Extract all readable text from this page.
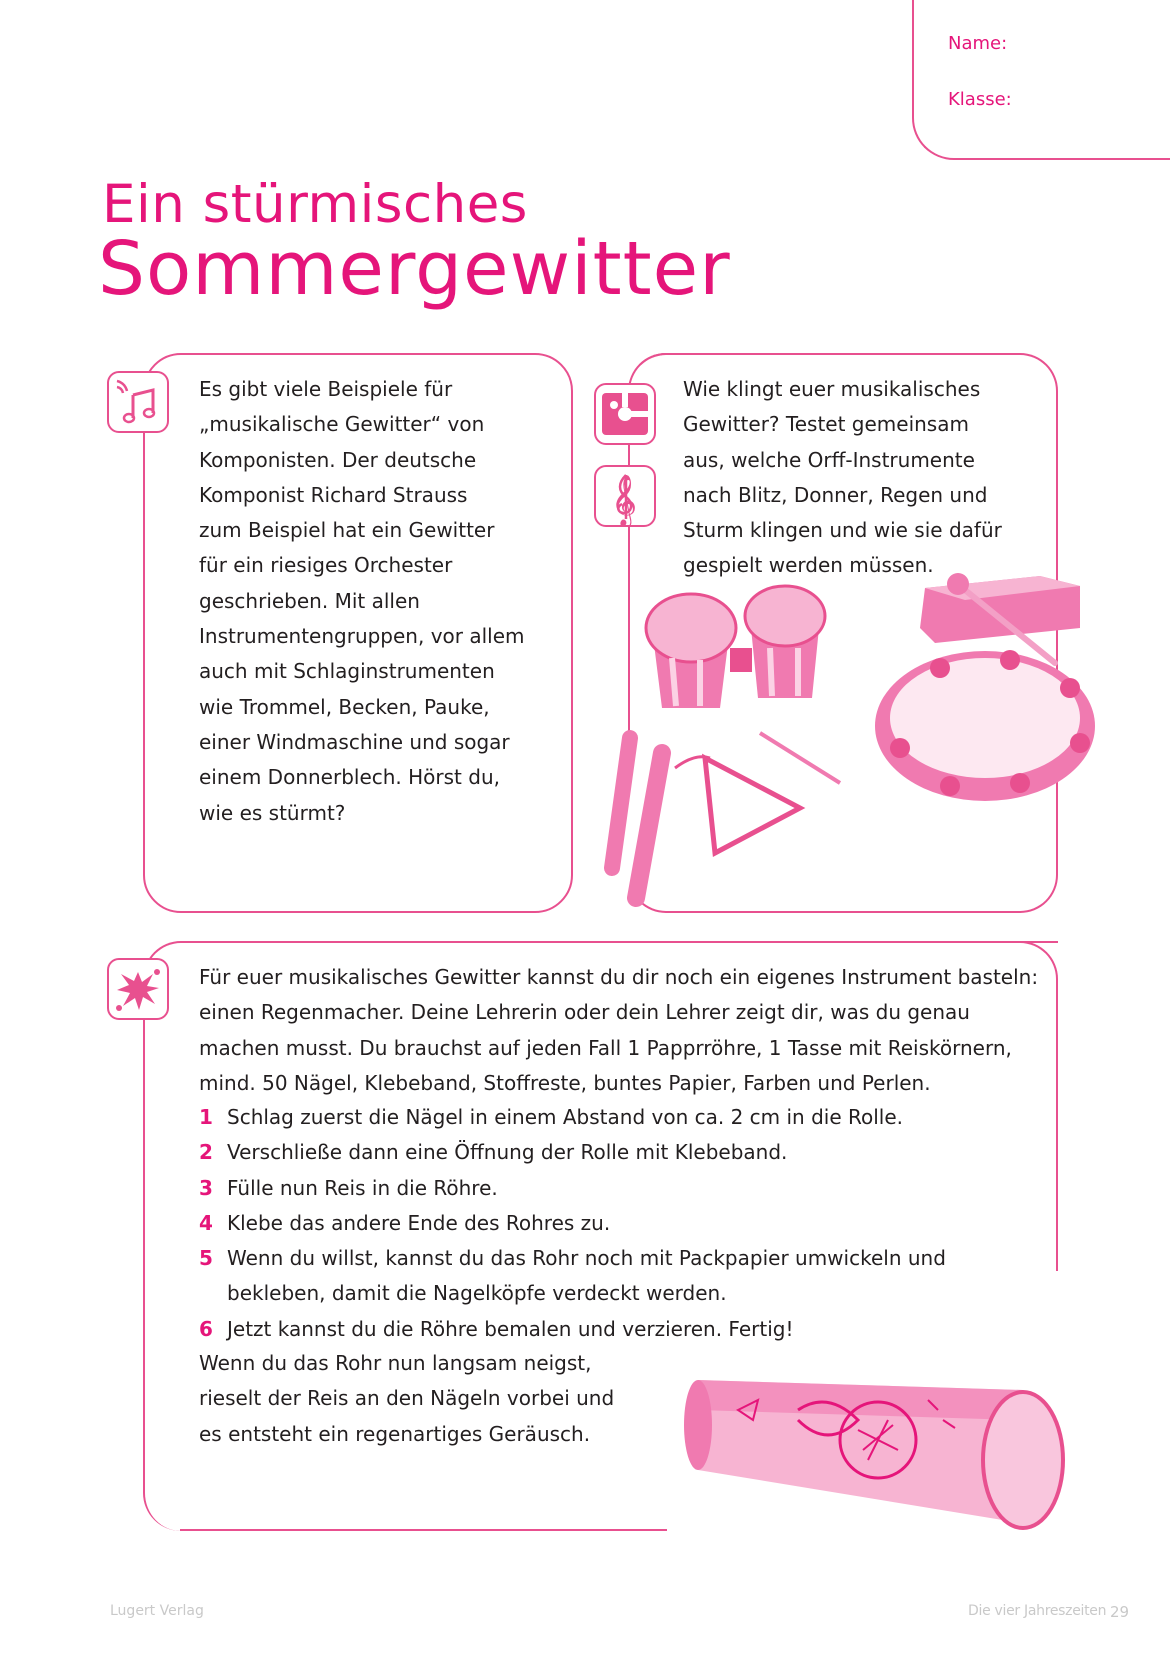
Name:
Klasse:
Ein stürmisches
Sommergewitter
Es gibt viele Beispiele für
„musikalische Gewitter“ von
Komponisten. Der deutsche
Komponist Richard Strauss
zum Beispiel hat ein Gewitter
für ein riesiges Orchester
geschrieben. Mit allen
Instrumentengruppen, vor allem
auch mit Schlaginstrumenten
wie Trommel, Becken, Pauke,
einer Windmaschine und sogar
einem Donnerblech. Hörst du,
wie es stürmt?
𝄞
Wie klingt euer musikalisches
Gewitter? Testet gemeinsam
aus, welche Orff-Instrumente
nach Blitz, Donner, Regen und
Sturm klingen und wie sie dafür
gespielt werden müssen.
Für euer musikalisches Gewitter kannst du dir noch ein eigenes Instrument basteln:
einen Regenmacher. Deine Lehrerin oder dein Lehrer zeigt dir, was du genau
machen musst. Du brauchst auf jeden Fall 1 Papprröhre, 1 Tasse mit Reiskörnern,
mind. 50 Nägel, Klebeband, Stoffreste, buntes Papier, Farben und Perlen.
1 Schlag zuerst die Nägel in einem Abstand von ca. 2 cm in die Rolle.
2 Verschließe dann eine Öffnung der Rolle mit Klebeband.
3 Fülle nun Reis in die Röhre.
4 Klebe das andere Ende des Rohres zu.
5 Wenn du willst, kannst du das Rohr noch mit Packpapier umwickeln und bekleben, damit die Nagelköpfe verdeckt werden.
6 Jetzt kannst du die Röhre bemalen und verzieren. Fertig!
Wenn du das Rohr nun langsam neigst,
rieselt der Reis an den Nägeln vorbei und
es entsteht ein regenartiges Geräusch.
Lugert Verlag	Die vier Jahreszeiten 29
